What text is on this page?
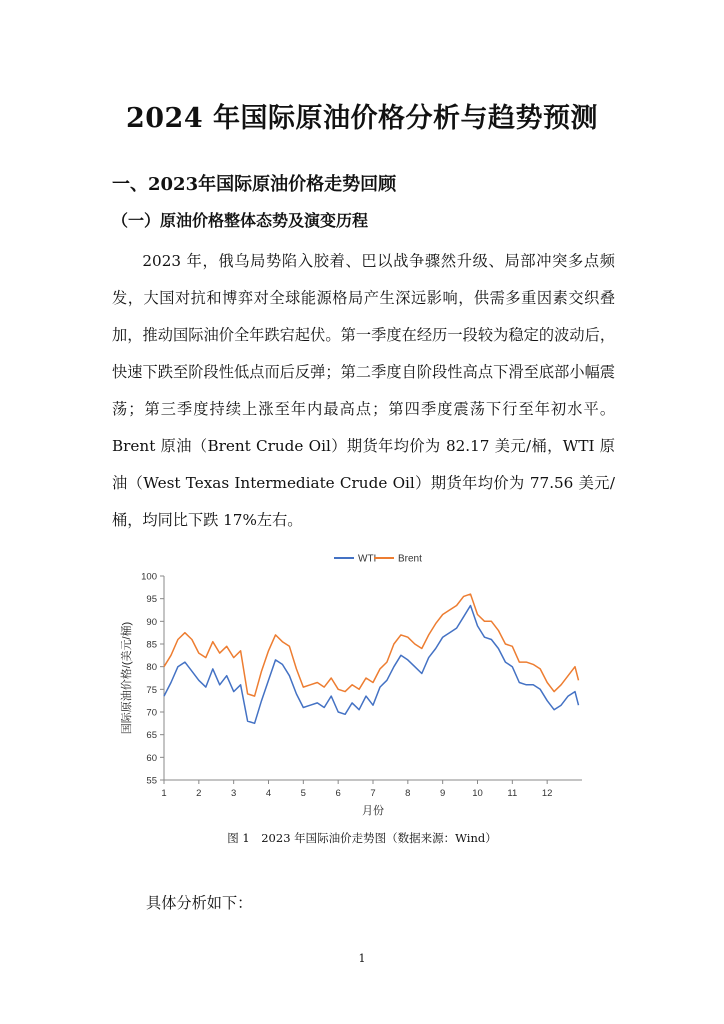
2024 年国际原油价格分析与趋势预测
一、2023年国际原油价格走势回顾
（一）原油价格整体态势及演变历程

2023 年，俄乌局势陷入胶着、巴以战争骤然升级、局部冲突多点频发，大国对抗和博弈对全球能源格局产生深远影响，供需多重因素交织叠加，推动国际油价全年跌宕起伏。第一季度在经历一段较为稳定的波动后，快速下跌至阶段性低点而后反弹；第二季度自阶段性高点下滑至底部小幅震荡；第三季度持续上涨至年内最高点；第四季度震荡下行至年初水平。Brent 原油（Brent Crude Oil）期货年均价为 82.17 美元/桶，WTI 原油（West Texas Intermediate Crude Oil）期货年均价为 77.56 美元/桶，均同比下跌 17%左右。

55
60
65
70
75
80
85
90
95
100
1	2	3	4	5	6	7	8	9	10	11	12
月份
国际原油价格/(美元/桶)
WTI Brent
图 1　2023 年国际油价走势图（数据来源：Wind）
具体分析如下：
1
